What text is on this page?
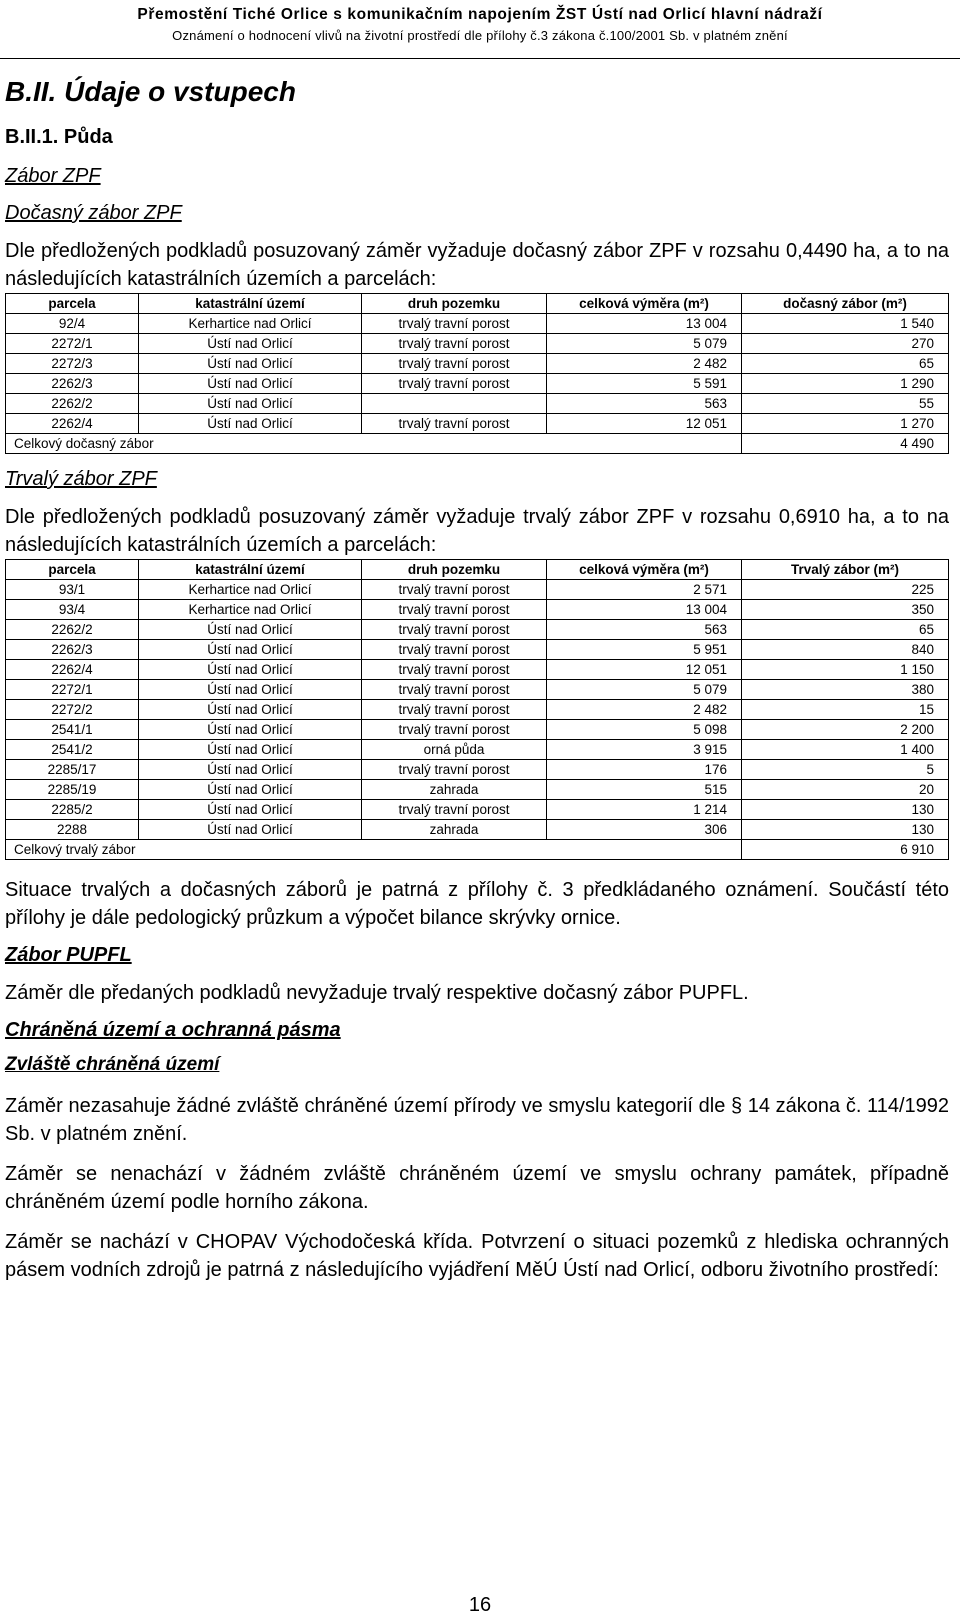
Přemostění Tiché Orlice s komunikačním napojením ŽST Ústí nad Orlicí hlavní nádraží
Oznámení o hodnocení vlivů na životní prostředí dle přílohy č.3 zákona č.100/2001 Sb. v platném znění
B.II. Údaje o vstupech
B.II.1. Půda
Zábor ZPF
Dočasný zábor ZPF
Dle předložených podkladů posuzovaný záměr vyžaduje dočasný zábor ZPF v rozsahu 0,4490 ha, a to na následujících katastrálních územích a parcelách:
parcela	katastrální území	druh pozemku	celková výměra (m²)	dočasný zábor (m²)
92/4	Kerhartice nad Orlicí	trvalý travní porost	13 004	1 540
2272/1	Ústí nad Orlicí	trvalý travní porost	5 079	270
2272/3	Ústí nad Orlicí	trvalý travní porost	2 482	65
2262/3	Ústí nad Orlicí	trvalý travní porost	5 591	1 290
2262/2	Ústí nad Orlicí		563	55
2262/4	Ústí nad Orlicí	trvalý travní porost	12 051	1 270
Celkový dočasný zábor				4 490
Trvalý zábor ZPF
Dle předložených podkladů posuzovaný záměr vyžaduje trvalý zábor ZPF v rozsahu 0,6910 ha, a to na následujících katastrálních územích a parcelách:
parcela	katastrální území	druh pozemku	celková výměra (m²)	Trvalý zábor (m²)
93/1	Kerhartice nad Orlicí	trvalý travní porost	2 571	225
93/4	Kerhartice nad Orlicí	trvalý travní porost	13 004	350
2262/2	Ústí nad Orlicí	trvalý travní porost	563	65
2262/3	Ústí nad Orlicí	trvalý travní porost	5 951	840
2262/4	Ústí nad Orlicí	trvalý travní porost	12 051	1 150
2272/1	Ústí nad Orlicí	trvalý travní porost	5 079	380
2272/2	Ústí nad Orlicí	trvalý travní porost	2 482	15
2541/1	Ústí nad Orlicí	trvalý travní porost	5 098	2 200
2541/2	Ústí nad Orlicí	orná půda	3 915	1 400
2285/17	Ústí nad Orlicí	trvalý travní porost	176	5
2285/19	Ústí nad Orlicí	zahrada	515	20
2285/2	Ústí nad Orlicí	trvalý travní porost	1 214	130
2288	Ústí nad Orlicí	zahrada	306	130
Celkový trvalý zábor				6 910
Situace trvalých a dočasných záborů je patrná z přílohy č. 3 předkládaného oznámení. Součástí této přílohy je dále pedologický průzkum a výpočet bilance skrývky ornice.
Zábor PUPFL
Záměr dle předaných podkladů nevyžaduje trvalý respektive dočasný zábor PUPFL.
Chráněná území a ochranná pásma
Zvláště chráněná území
Záměr nezasahuje žádné zvláště chráněné území přírody ve smyslu kategorií dle § 14 zákona č. 114/1992 Sb. v platném znění.
Záměr se nenachází v žádném zvláště chráněném území ve smyslu ochrany památek, případně chráněném území podle horního zákona.
Záměr se nachází v CHOPAV Východočeská křída. Potvrzení o situaci pozemků z hlediska ochranných pásem vodních zdrojů je patrná z následujícího vyjádření MěÚ Ústí nad Orlicí, odboru životního prostředí:
16
